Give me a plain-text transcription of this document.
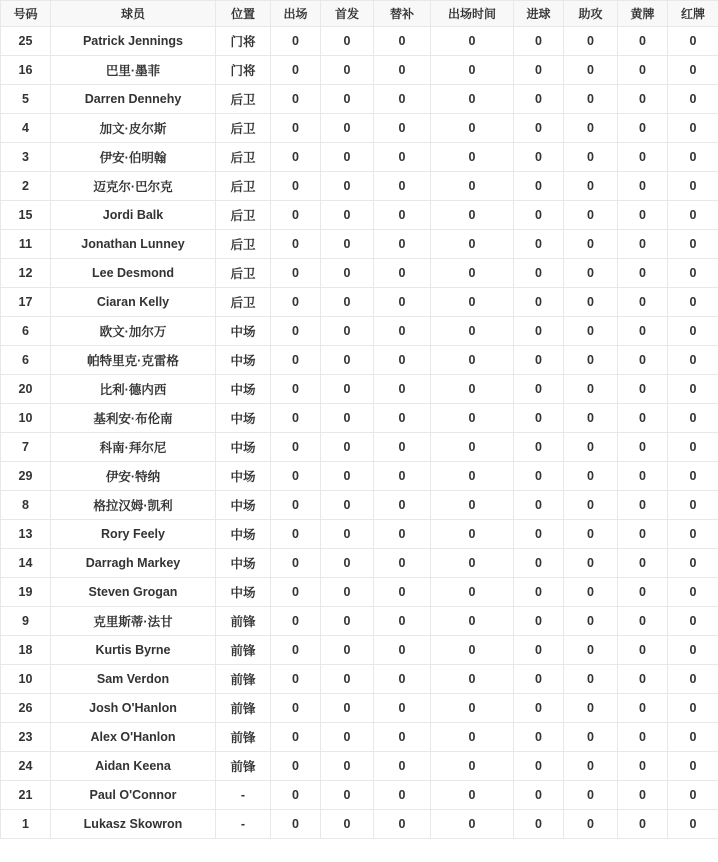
号码	球员	位置	出场	首发	替补	出场时间	进球	助攻	黄牌	红牌
25	Patrick Jennings	门将	0	0	0	0	0	0	0	0
16	巴里·墨菲	门将	0	0	0	0	0	0	0	0
5	Darren Dennehy	后卫	0	0	0	0	0	0	0	0
4	加文·皮尔斯	后卫	0	0	0	0	0	0	0	0
3	伊安·伯明翰	后卫	0	0	0	0	0	0	0	0
2	迈克尔·巴尔克	后卫	0	0	0	0	0	0	0	0
15	Jordi Balk	后卫	0	0	0	0	0	0	0	0
11	Jonathan Lunney	后卫	0	0	0	0	0	0	0	0
12	Lee Desmond	后卫	0	0	0	0	0	0	0	0
17	Ciaran Kelly	后卫	0	0	0	0	0	0	0	0
6	欧文·加尔万	中场	0	0	0	0	0	0	0	0
6	帕特里克·克雷格	中场	0	0	0	0	0	0	0	0
20	比利·德内西	中场	0	0	0	0	0	0	0	0
10	基利安·布伦南	中场	0	0	0	0	0	0	0	0
7	科南·拜尔尼	中场	0	0	0	0	0	0	0	0
29	伊安·特纳	中场	0	0	0	0	0	0	0	0
8	格拉汉姆·凯利	中场	0	0	0	0	0	0	0	0
13	Rory Feely	中场	0	0	0	0	0	0	0	0
14	Darragh Markey	中场	0	0	0	0	0	0	0	0
19	Steven Grogan	中场	0	0	0	0	0	0	0	0
9	克里斯蒂·法甘	前锋	0	0	0	0	0	0	0	0
18	Kurtis Byrne	前锋	0	0	0	0	0	0	0	0
10	Sam Verdon	前锋	0	0	0	0	0	0	0	0
26	Josh O'Hanlon	前锋	0	0	0	0	0	0	0	0
23	Alex O'Hanlon	前锋	0	0	0	0	0	0	0	0
24	Aidan Keena	前锋	0	0	0	0	0	0	0	0
21	Paul O'Connor	-	0	0	0	0	0	0	0	0
1	Lukasz Skowron	-	0	0	0	0	0	0	0	0
